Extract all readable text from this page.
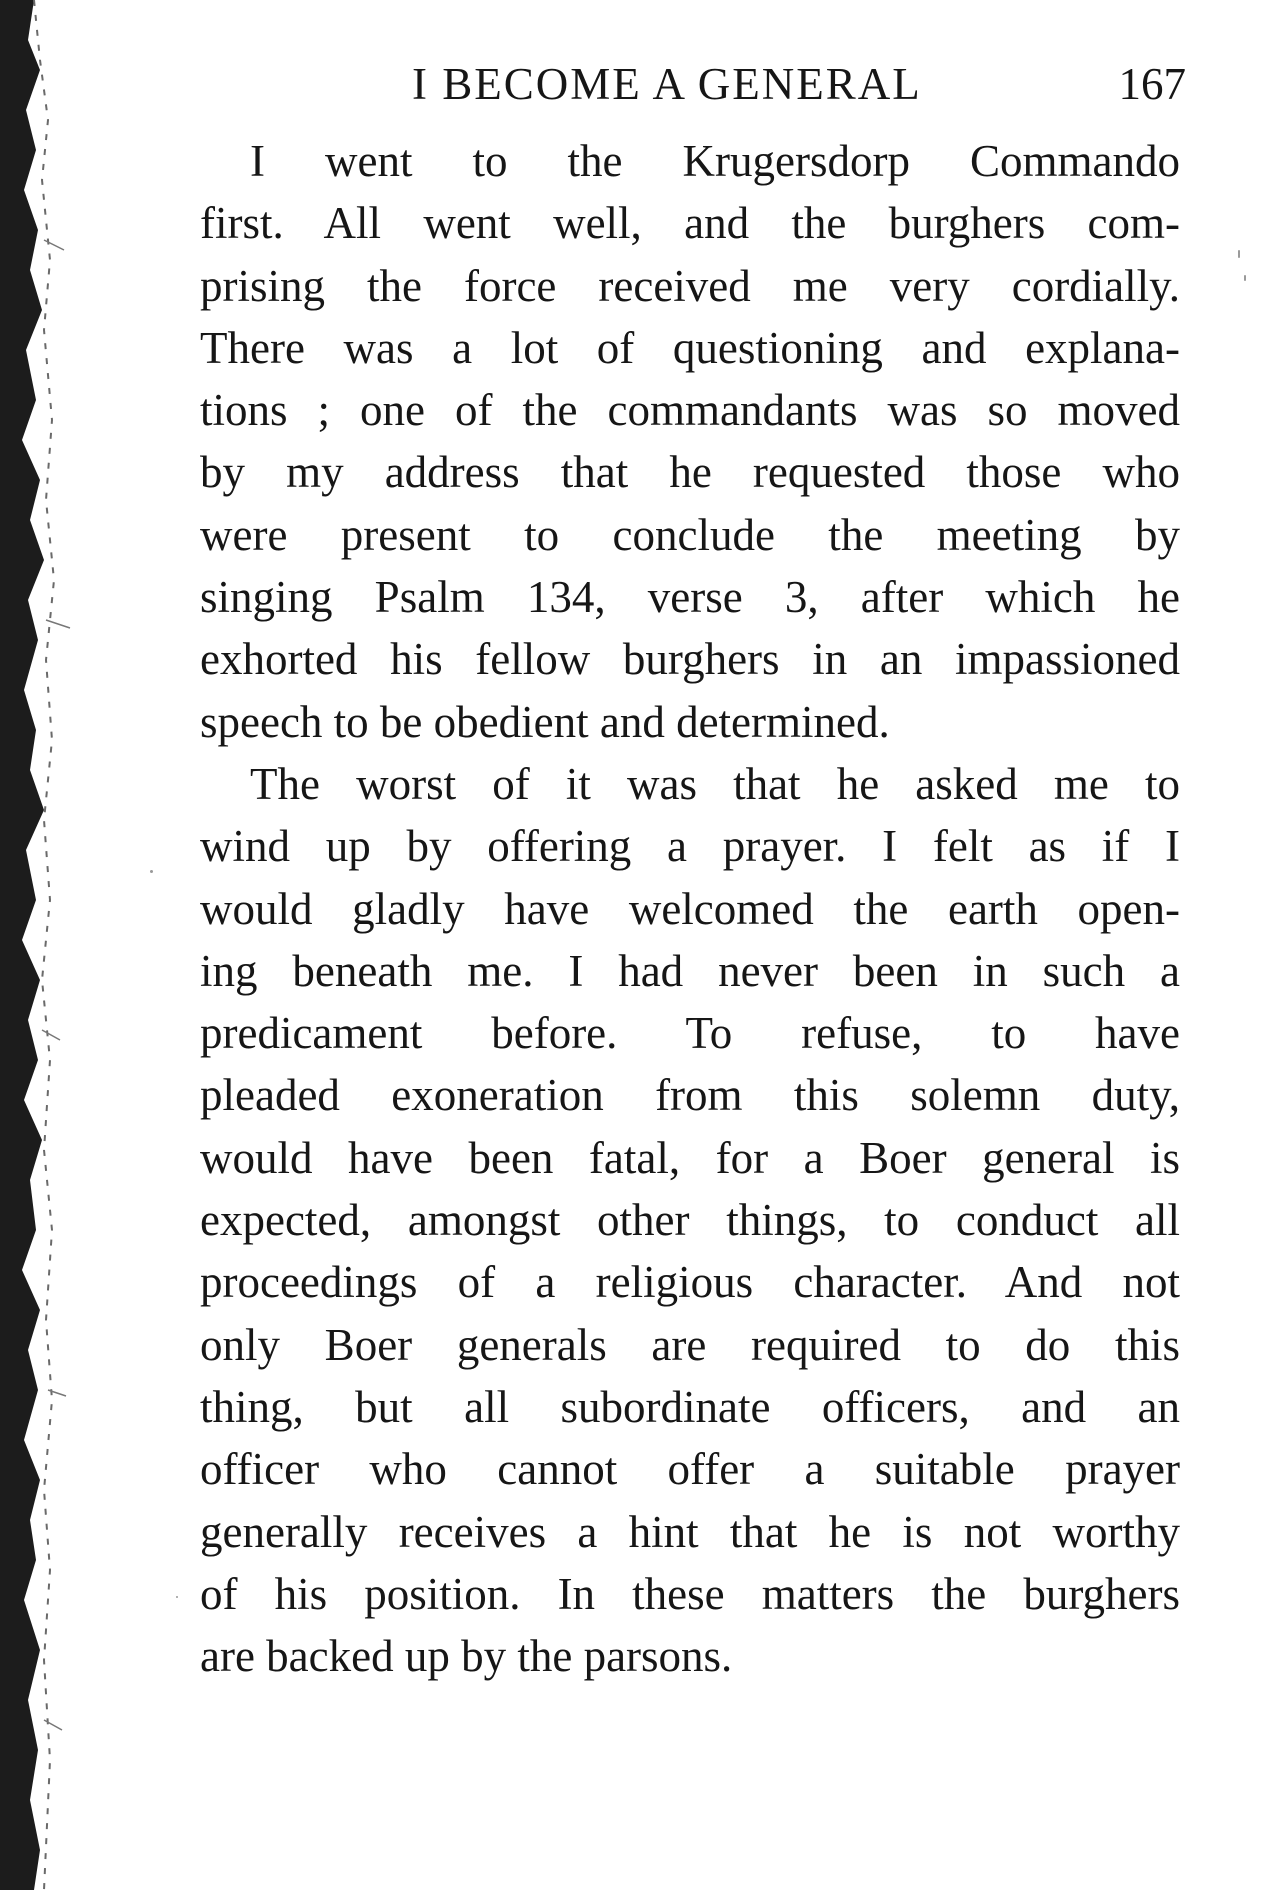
I BECOME A GENERAL	167
I went to the Krugersdorp Commando
first. All went well, and the burghers com-
prising the force received me very cordially.
There was a lot of questioning and explana-
tions ; one of the commandants was so moved
by my address that he requested those who
were present to conclude the meeting by
singing Psalm 134, verse 3, after which he
exhorted his fellow burghers in an impassioned
speech to be obedient and determined.
The worst of it was that he asked me to
wind up by offering a prayer. I felt as if I
would gladly have welcomed the earth open-
ing beneath me. I had never been in such a
predicament before. To refuse, to have
pleaded exoneration from this solemn duty,
would have been fatal, for a Boer general is
expected, amongst other things, to conduct all
proceedings of a religious character. And not
only Boer generals are required to do this
thing, but all subordinate officers, and an
officer who cannot offer a suitable prayer
generally receives a hint that he is not worthy
of his position. In these matters the burghers
are backed up by the parsons.
